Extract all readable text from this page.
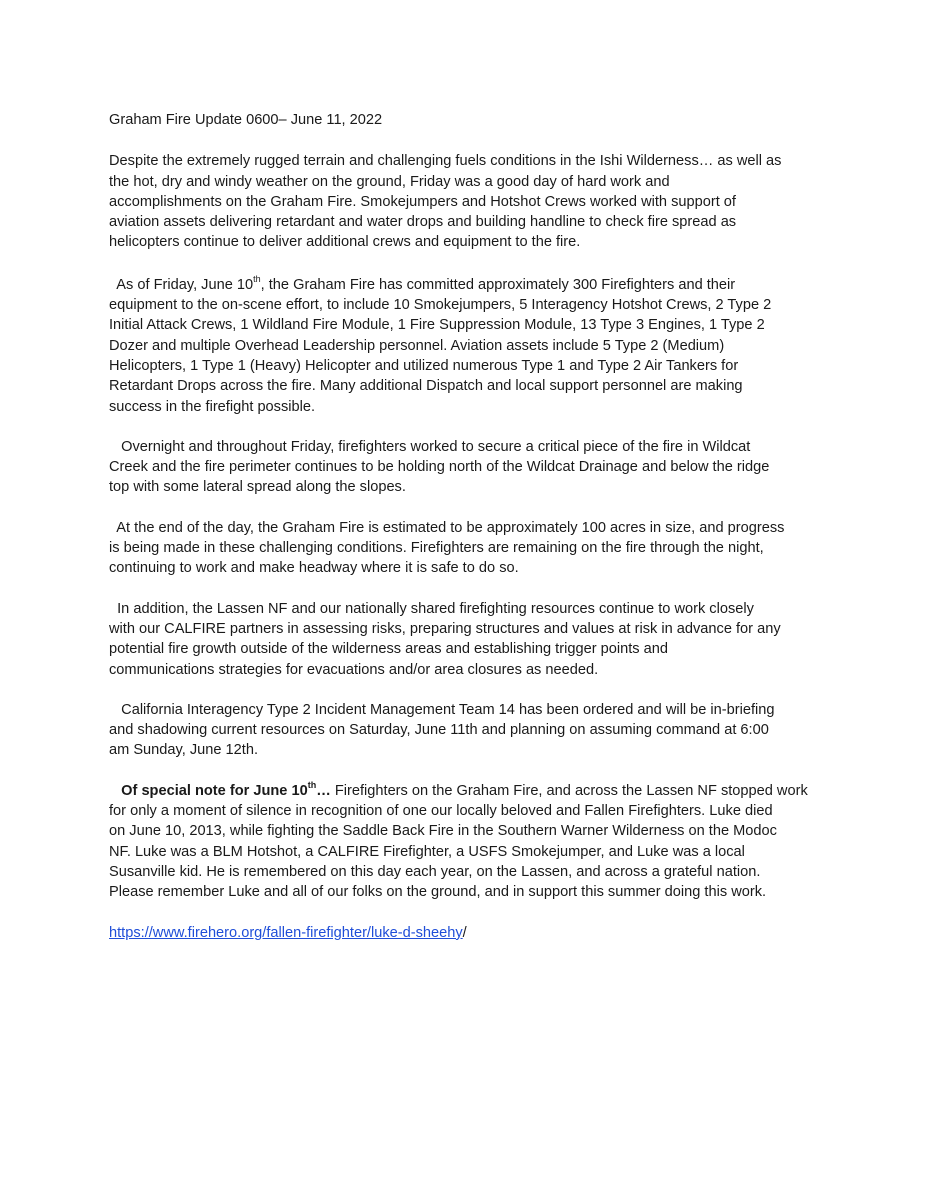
Graham Fire Update 0600– June 11, 2022

Despite the extremely rugged terrain and challenging fuels conditions in the Ishi Wilderness… as well as

the hot, dry and windy weather on the ground, Friday was a good day of hard work and

accomplishments on the Graham Fire. Smokejumpers and Hotshot Crews worked with support of

aviation assets delivering retardant and water drops and building handline to check fire spread as

helicopters continue to deliver additional crews and equipment to the fire.

As of Friday, June 10th, the Graham Fire has committed approximately 300 Firefighters and their

equipment to the on-scene effort, to include 10 Smokejumpers, 5 Interagency Hotshot Crews, 2 Type 2

Initial Attack Crews, 1 Wildland Fire Module, 1 Fire Suppression Module, 13 Type 3 Engines, 1 Type 2

Dozer and multiple Overhead Leadership personnel. Aviation assets include 5 Type 2 (Medium)

Helicopters, 1 Type 1 (Heavy) Helicopter and utilized numerous Type 1 and Type 2 Air Tankers for

Retardant Drops across the fire. Many additional Dispatch and local support personnel are making

success in the firefight possible.

Overnight and throughout Friday, firefighters worked to secure a critical piece of the fire in Wildcat

Creek and the fire perimeter continues to be holding north of the Wildcat Drainage and below the ridge

top with some lateral spread along the slopes.

At the end of the day, the Graham Fire is estimated to be approximately 100 acres in size, and progress

is being made in these challenging conditions. Firefighters are remaining on the fire through the night,

continuing to work and make headway where it is safe to do so.

In addition, the Lassen NF and our nationally shared firefighting resources continue to work closely

with our CALFIRE partners in assessing risks, preparing structures and values at risk in advance for any

potential fire growth outside of the wilderness areas and establishing trigger points and

communications strategies for evacuations and/or area closures as needed.

California Interagency Type 2 Incident Management Team 14 has been ordered and will be in-briefing

and shadowing current resources on Saturday, June 11th and planning on assuming command at 6:00

am Sunday, June 12th.

Of special note for June 10th… Firefighters on the Graham Fire, and across the Lassen NF stopped work

for only a moment of silence in recognition of one our locally beloved and Fallen Firefighters. Luke died

on June 10, 2013, while fighting the Saddle Back Fire in the Southern Warner Wilderness on the Modoc

NF. Luke was a BLM Hotshot, a CALFIRE Firefighter, a USFS Smokejumper, and Luke was a local

Susanville kid. He is remembered on this day each year, on the Lassen, and across a grateful nation.

Please remember Luke and all of our folks on the ground, and in support this summer doing this work.

https://www.firehero.org/fallen-firefighter/luke-d-sheehy/
